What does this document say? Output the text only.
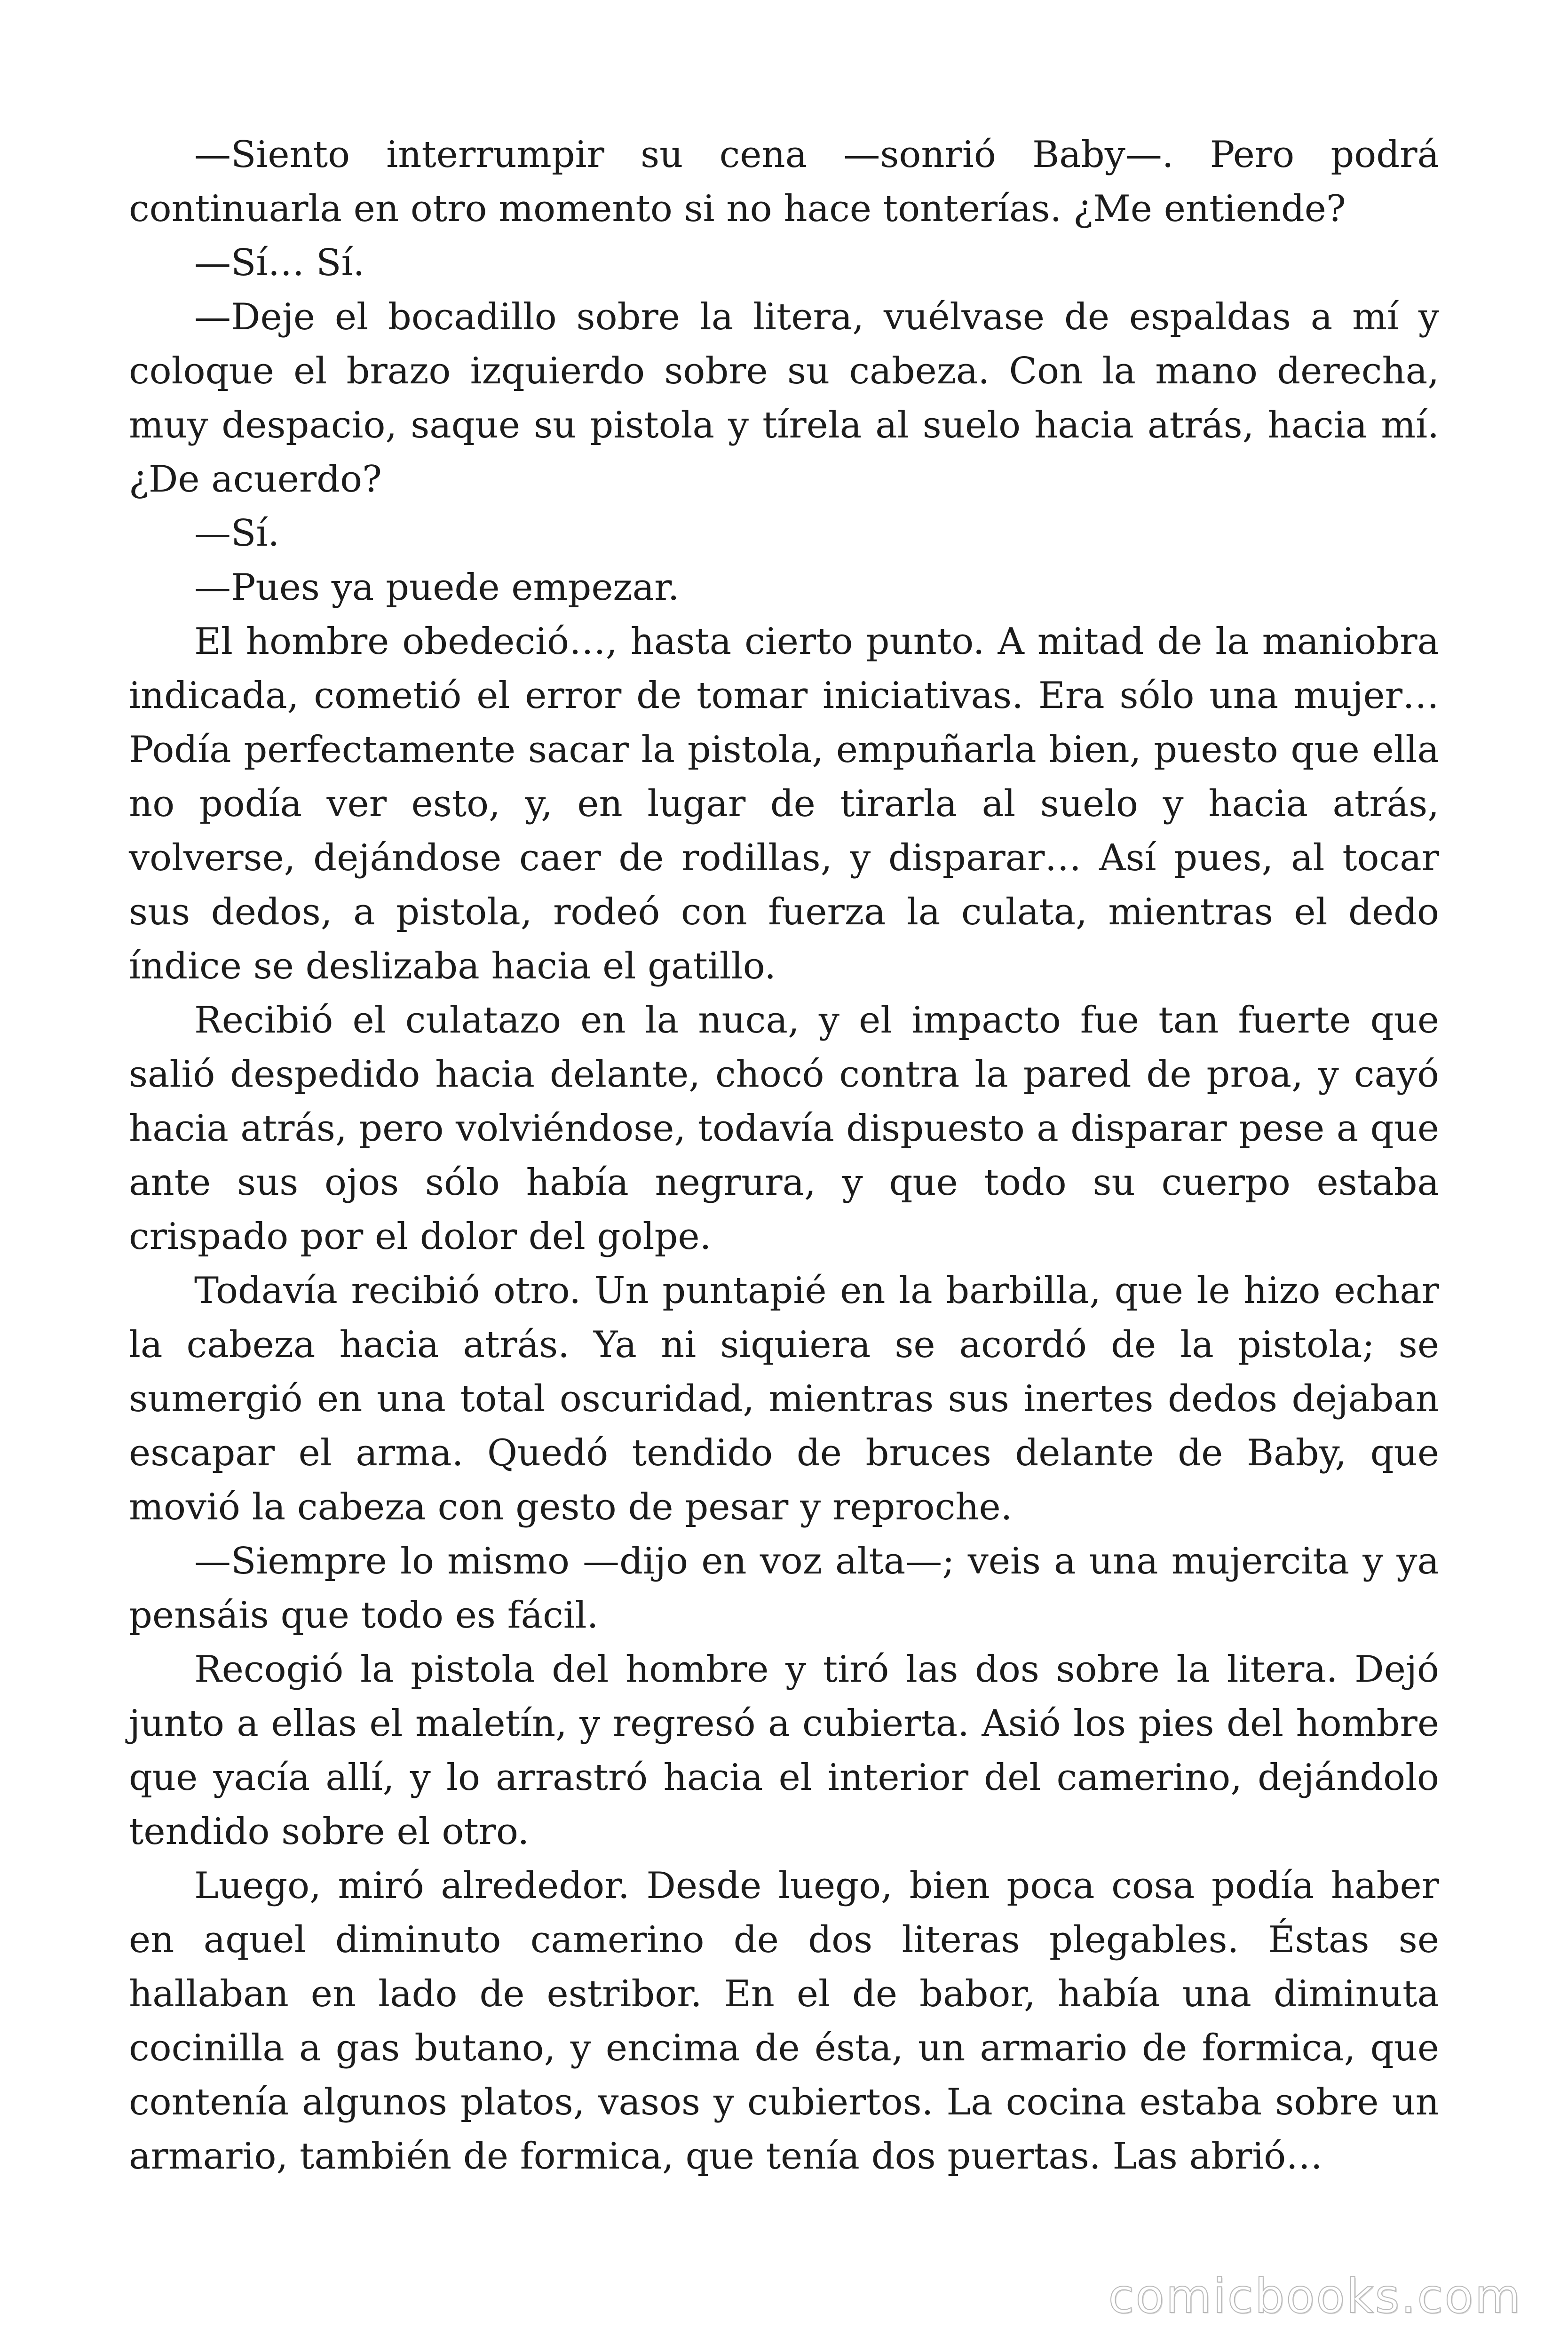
—Siento interrumpir su cena —sonrió Baby—. Pero podrá continuarla en otro momento si no hace tonterías. ¿Me entiende?

—Sí… Sí.

—Deje el bocadillo sobre la litera, vuélvase de espaldas a mí y coloque el brazo izquierdo sobre su cabeza. Con la mano derecha, muy despacio, saque su pistola y tírela al suelo hacia atrás, hacia mí. ¿De acuerdo?

—Sí.

—Pues ya puede empezar.

El hombre obedeció…, hasta cierto punto. A mitad de la maniobra indicada, cometió el error de tomar iniciativas. Era sólo una mujer… Podía perfectamente sacar la pistola, empuñarla bien, puesto que ella no podía ver esto, y, en lugar de tirarla al suelo y hacia atrás, volverse, dejándose caer de rodillas, y disparar… Así pues, al tocar sus dedos, a pistola, rodeó con fuerza la culata, mientras el dedo índice se deslizaba hacia el gatillo.

Recibió el culatazo en la nuca, y el impacto fue tan fuerte que salió despedido hacia delante, chocó contra la pared de proa, y cayó hacia atrás, pero volviéndose, todavía dispuesto a disparar pese a que ante sus ojos sólo había negrura, y que todo su cuerpo estaba crispado por el dolor del golpe.

Todavía recibió otro. Un puntapié en la barbilla, que le hizo echar la cabeza hacia atrás. Ya ni siquiera se acordó de la pistola; se sumergió en una total oscuridad, mientras sus inertes dedos dejaban escapar el arma. Quedó tendido de bruces delante de Baby, que movió la cabeza con gesto de pesar y reproche.

—Siempre lo mismo —dijo en voz alta—; veis a una mujercita y ya pensáis que todo es fácil.

Recogió la pistola del hombre y tiró las dos sobre la litera. Dejó junto a ellas el maletín, y regresó a cubierta. Asió los pies del hombre que yacía allí, y lo arrastró hacia el interior del camerino, dejándolo tendido sobre el otro.

Luego, miró alrededor. Desde luego, bien poca cosa podía haber en aquel diminuto camerino de dos literas plegables. Éstas se hallaban en lado de estribor. En el de babor, había una diminuta cocinilla a gas butano, y encima de ésta, un armario de formica, que contenía algunos platos, vasos y cubiertos. La cocina estaba sobre un armario, también de formica, que tenía dos puertas. Las abrió…

comicbooks.com
